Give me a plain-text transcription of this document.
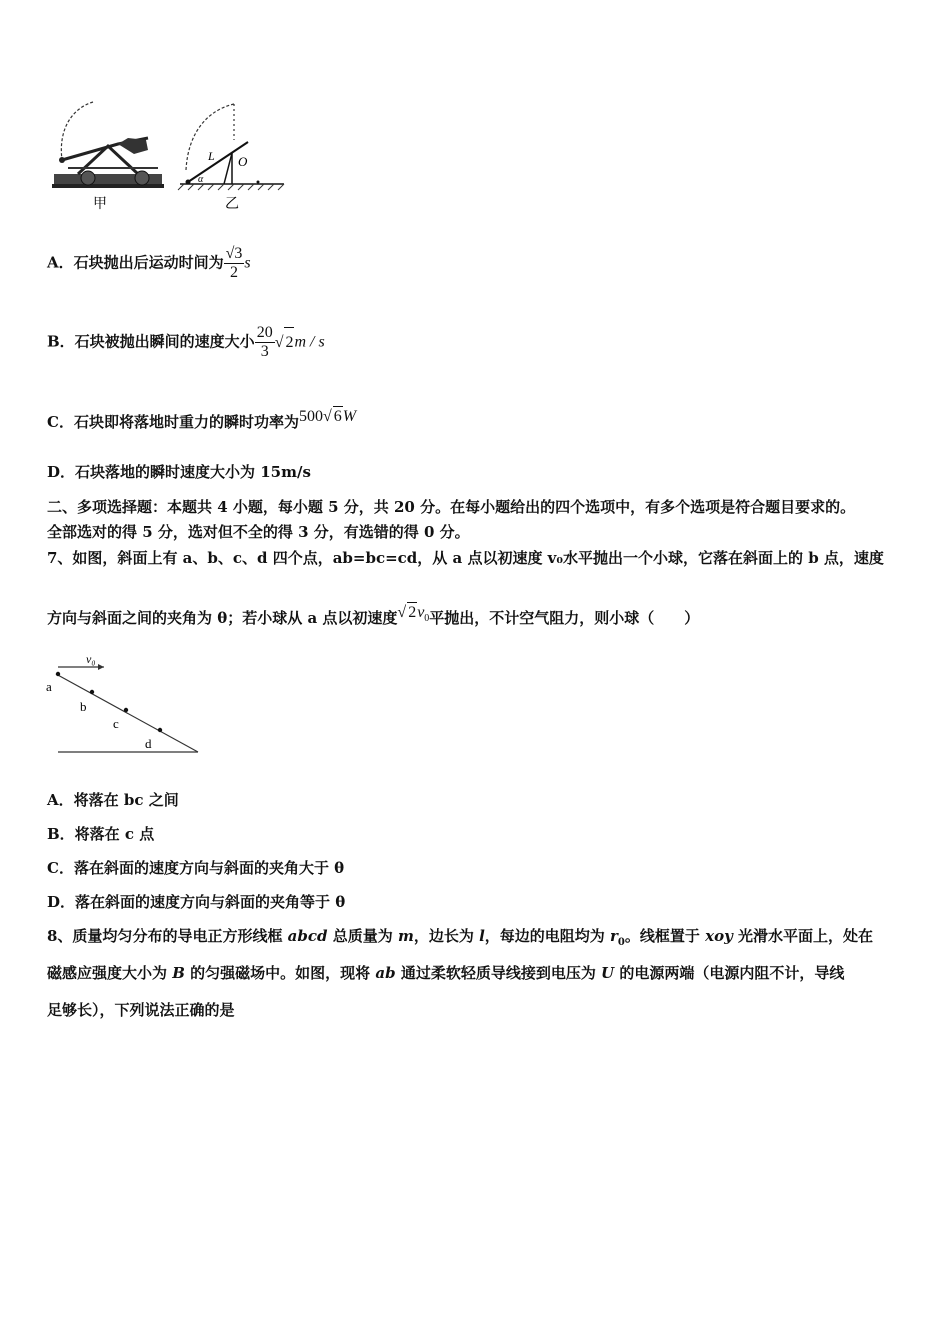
甲
L O
α
乙
A．石块抛出后运动时间为 $\frac{√3}{2}$ s
B．石块被抛出瞬间的速度大小 $\frac{20}{3}$ √ 2m / s
C．石块即将落地时重力的瞬时功率为500√ 6W
D．石块落地的瞬时速度大小为 15m/s
二、多项选择题：本题共 4 小题，每小题 5 分，共 20 分。在每小题给出的四个选项中，有多个选项是符合题目要求的。
全部选对的得 5 分，选对但不全的得 3 分，有选错的得 0 分。
7、如图，斜面上有 a、b、c、d 四个点，ab=bc=cd，从 a 点以初速度 v₀水平抛出一个小球，它落在斜面上的 b 点，速度
方向与斜面之间的夹角为 θ；若小球从 a 点以初速度√ $2v_0$平抛出，不计空气阻力，则小球（　　）
v₀
a
b
c
d
A．将落在 bc 之间
B．将落在 c 点
C．落在斜面的速度方向与斜面的夹角大于 θ
D．落在斜面的速度方向与斜面的夹角等于 θ
8、质量均匀分布的导电正方形线框 abcd 总质量为 m，边长为 l，每边的电阻均为 $r_0$。线框置于 xoy 光滑水平面上，处在
磁感应强度大小为 B 的匀强磁场中。如图，现将 ab 通过柔软轻质导线接到电压为 U 的电源两端（电源内阻不计，导线
足够长），下列说法正确的是
